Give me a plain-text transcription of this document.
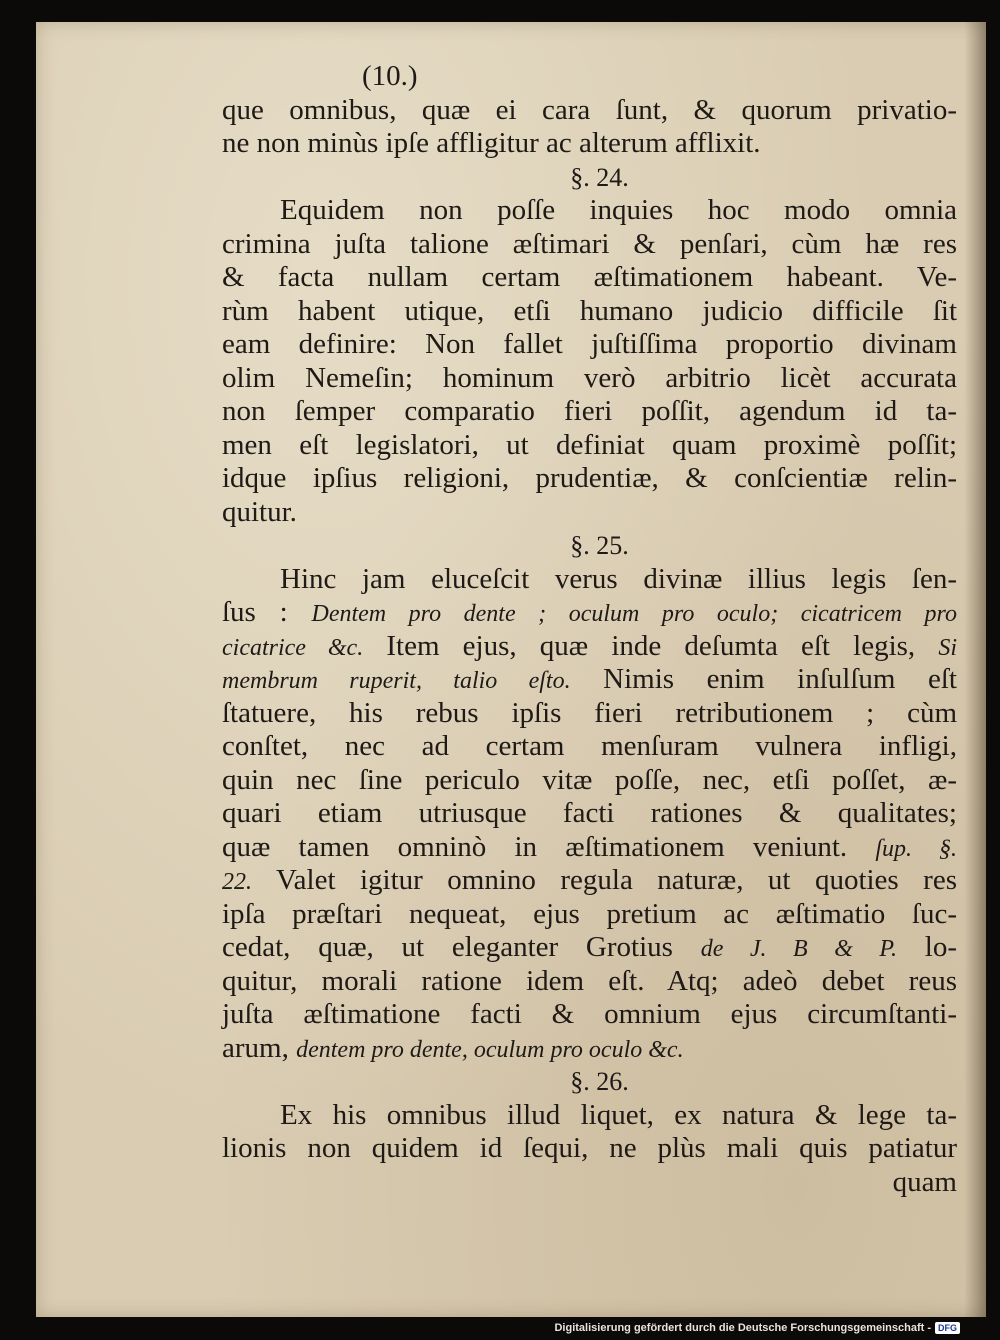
(10.)
que omnibus, quæ ei cara ſunt, & quorum privatio-
ne non minùs ipſe affligitur ac alterum afflixit.
§. 24.
Equidem non poſſe inquies hoc modo omnia
crimina juſta talione æſtimari & penſari, cùm hæ res
& facta nullam certam æſtimationem habeant. Ve-
rùm habent utique, etſi humano judicio difficile ſit
eam definire: Non fallet juſtiſſima proportio divinam
olim Nemeſin; hominum verò arbitrio licèt accurata
non ſemper comparatio fieri poſſit, agendum id ta-
men eſt legislatori, ut definiat quam proximè poſſit;
idque ipſius religioni, prudentiæ, & conſcientiæ relin-
quitur.
§. 25.
Hinc jam eluceſcit verus divinæ illius legis ſen-
ſus : Dentem pro dente ; oculum pro oculo; cicatricem pro
cicatrice &c. Item ejus, quæ inde deſumta eſt legis, Si
membrum ruperit, talio eſto. Nimis enim inſulſum eſt
ſtatuere, his rebus ipſis fieri retributionem ; cùm
conſtet, nec ad certam menſuram vulnera infligi,
quin nec ſine periculo vitæ poſſe, nec, etſi poſſet, æ-
quari etiam utriusque facti rationes & qualitates;
quæ tamen omninò in æſtimationem veniunt. ſup. §.
22. Valet igitur omnino regula naturæ, ut quoties res
ipſa præſtari nequeat, ejus pretium ac æſtimatio ſuc-
cedat, quæ, ut eleganter Grotius de J. B & P. lo-
quitur, morali ratione idem eſt. Atq; adeò debet reus
juſta æſtimatione facti & omnium ejus circumſtanti-
arum, dentem pro dente, oculum pro oculo &c.
§. 26.
Ex his omnibus illud liquet, ex natura & lege ta-
lionis non quidem id ſequi, ne plùs mali quis patiatur
quam
Digitalisierung gefördert durch die Deutsche Forschungsgemeinschaft - DFG
